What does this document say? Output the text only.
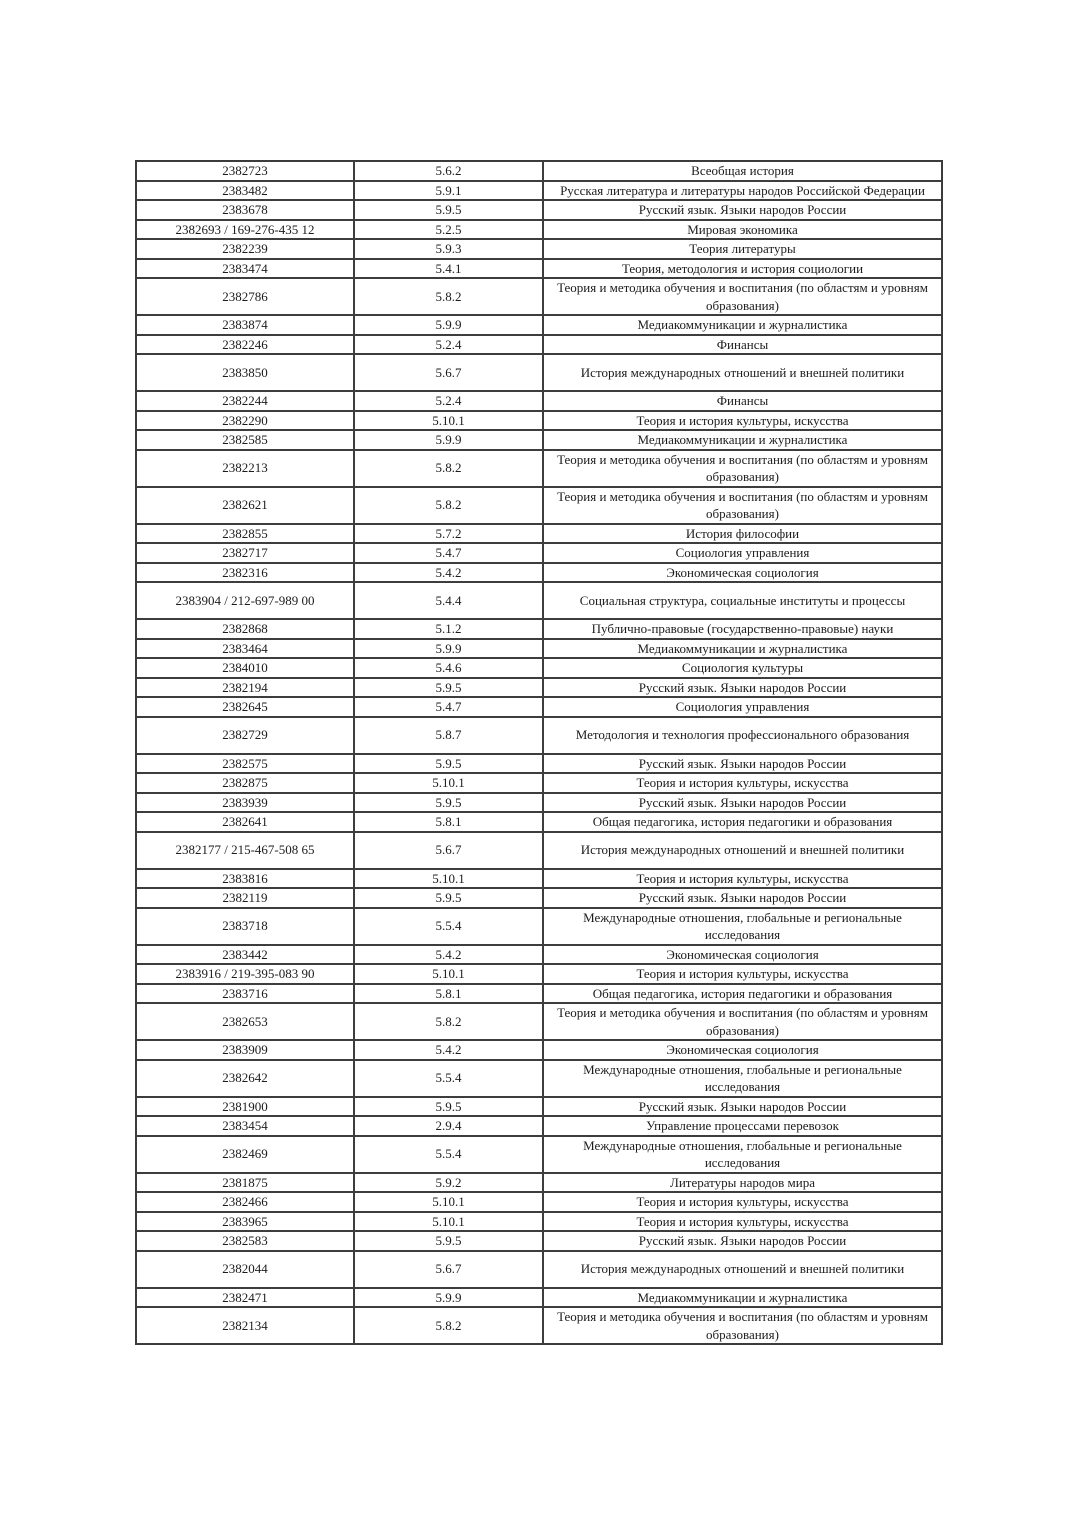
2382723	5.6.2	Всеобщая история
2383482	5.9.1	Русская литература и литературы народов Российской Федерации
2383678	5.9.5	Русский язык. Языки народов России
2382693 / 169-276-435 12	5.2.5	Мировая экономика
2382239	5.9.3	Теория литературы
2383474	5.4.1	Теория, методология и история социологии
2382786	5.8.2	Теория и методика обучения и воспитания (по областям и уровням образования)
2383874	5.9.9	Медиакоммуникации и журналистика
2382246	5.2.4	Финансы
2383850	5.6.7	История международных отношений и внешней политики
2382244	5.2.4	Финансы
2382290	5.10.1	Теория и история культуры, искусства
2382585	5.9.9	Медиакоммуникации и журналистика
2382213	5.8.2	Теория и методика обучения и воспитания (по областям и уровням образования)
2382621	5.8.2	Теория и методика обучения и воспитания (по областям и уровням образования)
2382855	5.7.2	История философии
2382717	5.4.7	Социология управления
2382316	5.4.2	Экономическая социология
2383904 / 212-697-989 00	5.4.4	Социальная структура, социальные институты и процессы
2382868	5.1.2	Публично-правовые (государственно-правовые) науки
2383464	5.9.9	Медиакоммуникации и журналистика
2384010	5.4.6	Социология культуры
2382194	5.9.5	Русский язык. Языки народов России
2382645	5.4.7	Социология управления
2382729	5.8.7	Методология и технология профессионального образования
2382575	5.9.5	Русский язык. Языки народов России
2382875	5.10.1	Теория и история культуры, искусства
2383939	5.9.5	Русский язык. Языки народов России
2382641	5.8.1	Общая педагогика, история педагогики и образования
2382177 / 215-467-508 65	5.6.7	История международных отношений и внешней политики
2383816	5.10.1	Теория и история культуры, искусства
2382119	5.9.5	Русский язык. Языки народов России
2383718	5.5.4	Международные отношения, глобальные и региональные исследования
2383442	5.4.2	Экономическая социология
2383916 / 219-395-083 90	5.10.1	Теория и история культуры, искусства
2383716	5.8.1	Общая педагогика, история педагогики и образования
2382653	5.8.2	Теория и методика обучения и воспитания (по областям и уровням образования)
2383909	5.4.2	Экономическая социология
2382642	5.5.4	Международные отношения, глобальные и региональные исследования
2381900	5.9.5	Русский язык. Языки народов России
2383454	2.9.4	Управление процессами перевозок
2382469	5.5.4	Международные отношения, глобальные и региональные исследования
2381875	5.9.2	Литературы народов мира
2382466	5.10.1	Теория и история культуры, искусства
2383965	5.10.1	Теория и история культуры, искусства
2382583	5.9.5	Русский язык. Языки народов России
2382044	5.6.7	История международных отношений и внешней политики
2382471	5.9.9	Медиакоммуникации и журналистика
2382134	5.8.2	Теория и методика обучения и воспитания (по областям и уровням образования)
